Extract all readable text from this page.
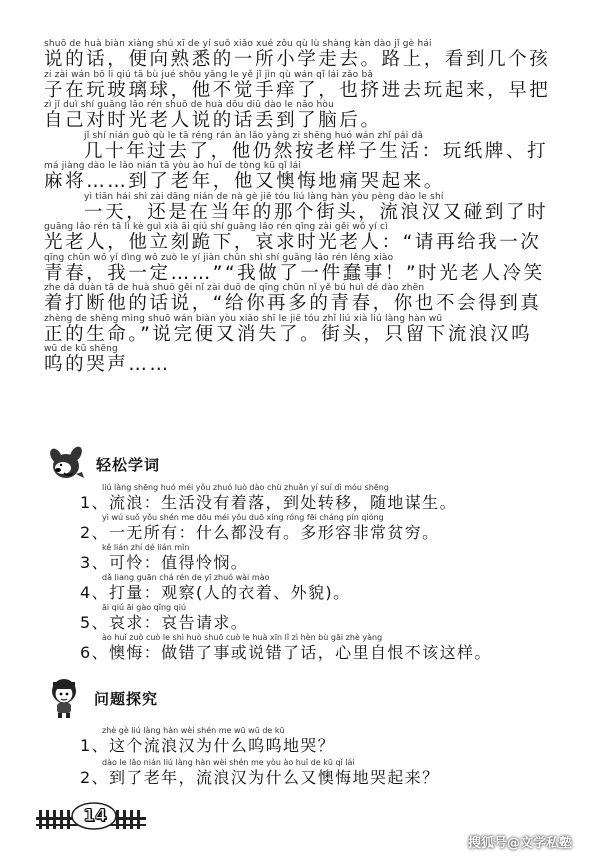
shuō de huà biàn xiàng shú xī de yí suǒ xiǎo xué zǒu qù lù shàng kàn dào jǐ gè hái
说的话，便向熟悉的一所小学走去。路上，看到几个孩
zi zài wán bō li qiú tā bù jué shǒu yǎng le yě jǐ jìn qù wán qǐ lái zǎo bǎ
子在玩玻璃球，他不觉手痒了，也挤进去玩起来，早把
zì jǐ duì shí guāng lǎo rén shuō de huà dōu diū dào le nǎo hòu
自己对时光老人说的话丢到了脑后。
jǐ shí nián guò qù le tā réng rán àn lǎo yàng zi shēng huó wán zhǐ pái dǎ
几十年过去了，他仍然按老样子生活：玩纸牌、打
má jiàng dào le lǎo nián tā yòu ào huǐ de tòng kū qǐ lái
麻将……到了老年，他又懊悔地痛哭起来。
yì tiān hái shì zài dāng nián de nà gè jiē tóu liú làng hàn yòu pèng dào le shí
一天，还是在当年的那个街头，流浪汉又碰到了时
guāng lǎo rén tā lì kè guì xià āi qiú shí guāng lǎo rén qǐng zài gěi wǒ yí cì
光老人，他立刻跪下，哀求时光老人：“请再给我一次
qīng chūn wǒ yí dìng wǒ zuò le yí jiàn chǔn shì shí guāng lǎo rén lěng xiào
青春，我一定……”“我做了一件蠢事！”时光老人冷笑
zhe dǎ duàn tā de huà shuō gěi nǐ zài duō de qīng chūn nǐ yě bú huì dé dào zhēn
着打断他的话说，“给你再多的青春，你也不会得到真
zhèng de shēng mìng shuō wán biàn yòu xiāo shī le jiē tóu zhǐ liú xià liú làng hàn wū
正的生命。”说完便又消失了。街头，只留下流浪汉呜
wū de kū shēng
呜的哭声……
轻松学词
liú làng shēng huó méi yǒu zhuó luò dào chù zhuǎn yí suí dì móu shēng
1、流浪：生活没有着落，到处转移，随地谋生。
yì wú suǒ yǒu shén me dōu méi yǒu duō xíng róng fēi cháng pín qióng
2、一无所有：什么都没有。多形容非常贫穷。
kě lián zhí dé lián mǐn
3、可怜：值得怜悯。
dǎ liang guān chá rén de yī zhuó wài mào
4、打量：观察(人的衣着、外貌)。
āi qiú āi gào qǐng qiú
5、哀求：哀告请求。
ào huǐ zuò cuò le shì huò shuō cuò le huà xīn lǐ zì hèn bù gāi zhè yàng
6、懊悔：做错了事或说错了话，心里自恨不该这样。
问题探究
zhè gè liú làng hàn wèi shén me wū wū de kū
1、这个流浪汉为什么呜呜地哭？
dào le lǎo nián liú làng hàn wèi shén me yòu ào huǐ de kū qǐ lái
2、到了老年，流浪汉为什么又懊悔地哭起来？
14
搜狐号@文学私塾
